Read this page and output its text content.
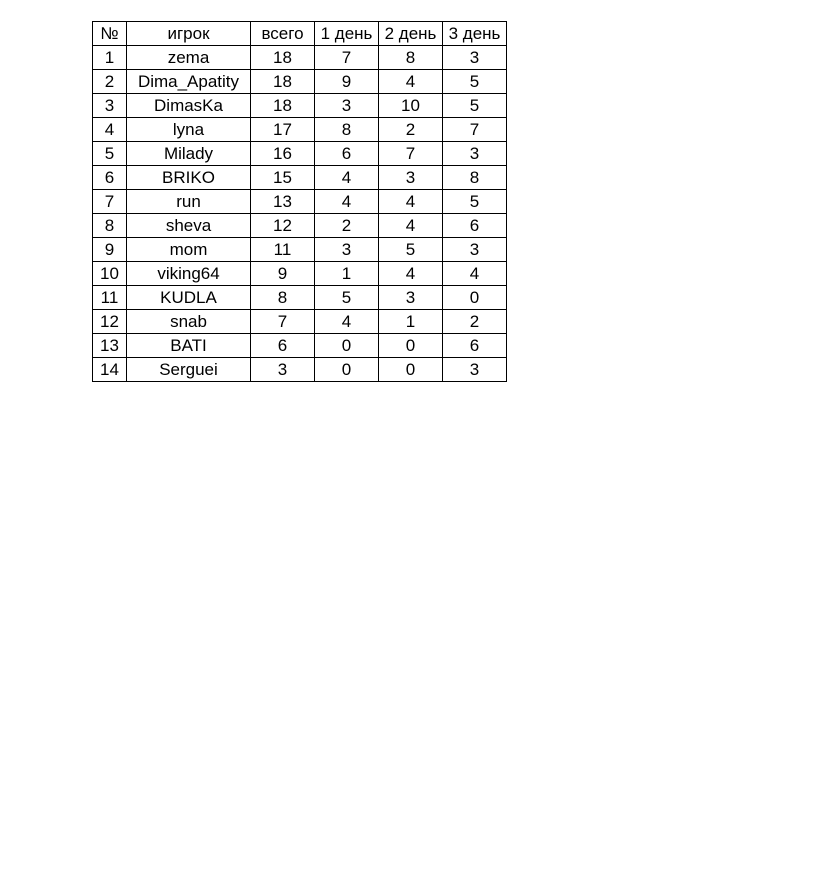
№	игрок	всего	1 день	2 день	3 день
1	zema	18	7	8	3
2	Dima_Apatity	18	9	4	5
3	DimasKa	18	3	10	5
4	lyna	17	8	2	7
5	Milady	16	6	7	3
6	BRIKO	15	4	3	8
7	run	13	4	4	5
8	sheva	12	2	4	6
9	mom	11	3	5	3
10	viking64	9	1	4	4
11	KUDLA	8	5	3	0
12	snab	7	4	1	2
13	BATI	6	0	0	6
14	Serguei	3	0	0	3
